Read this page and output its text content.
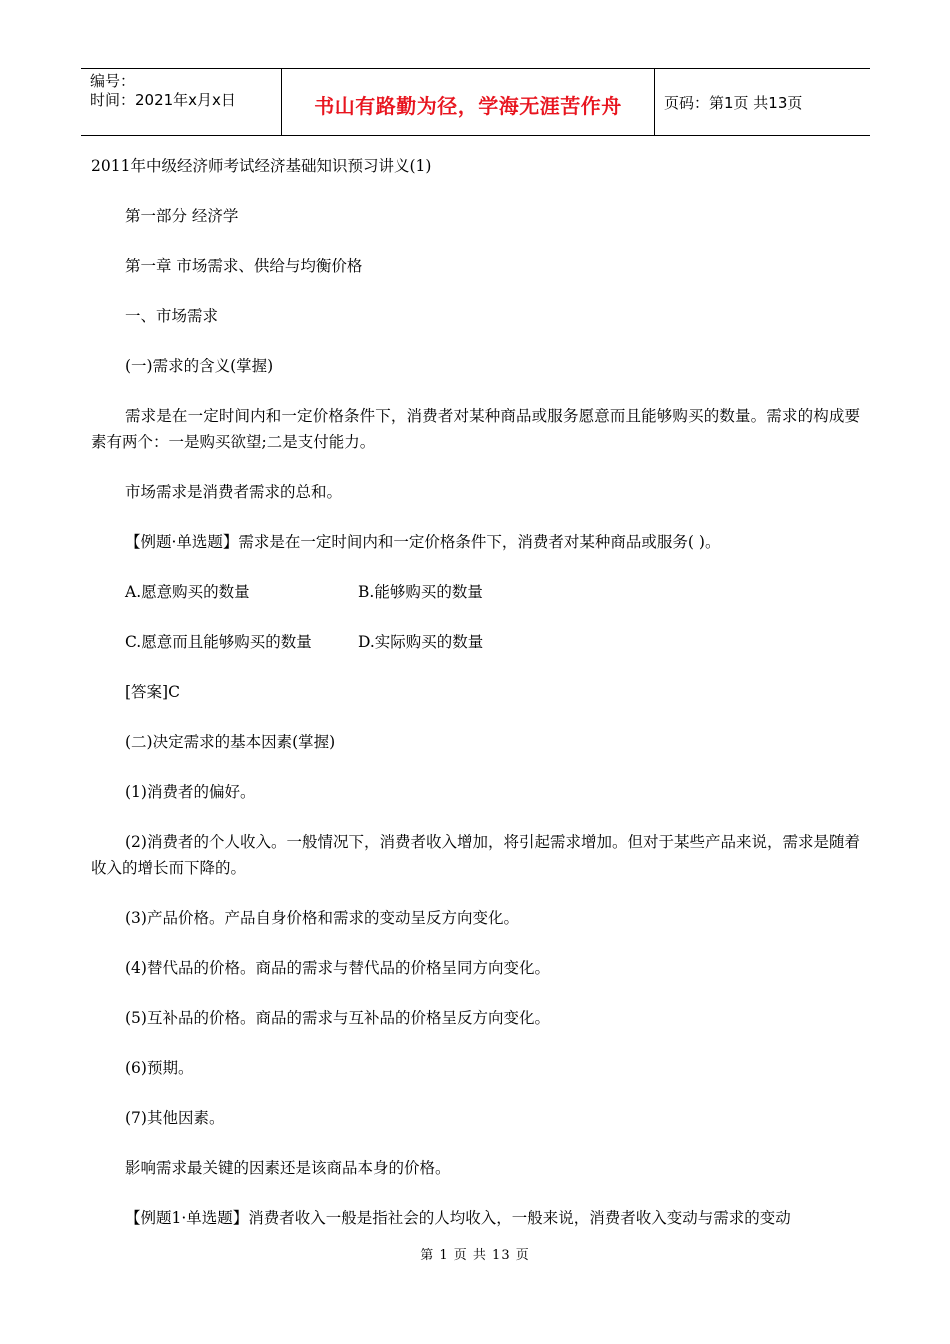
编号：
时间：2021年x月x日	书山有路勤为径，学海无涯苦作舟	页码：第1页 共13页

2011年中级经济师考试经济基础知识预习讲义(1)

第一部分 经济学

第一章 市场需求、供给与均衡价格

一、市场需求

(一)需求的含义(掌握)

需求是在一定时间内和一定价格条件下，消费者对某种商品或服务愿意而且能够购买的数量。需求的构成要素有两个：一是购买欲望;二是支付能力。

市场需求是消费者需求的总和。

【例题·单选题】需求是在一定时间内和一定价格条件下，消费者对某种商品或服务( )。

A.愿意购买的数量	B.能够购买的数量
C.愿意而且能够购买的数量	D.实际购买的数量

[答案]C

(二)决定需求的基本因素(掌握)

(1)消费者的偏好。

(2)消费者的个人收入。一般情况下，消费者收入增加，将引起需求增加。但对于某些产品来说，需求是随着收入的增长而下降的。

(3)产品价格。产品自身价格和需求的变动呈反方向变化。

(4)替代品的价格。商品的需求与替代品的价格呈同方向变化。

(5)互补品的价格。商品的需求与互补品的价格呈反方向变化。

(6)预期。

(7)其他因素。

影响需求最关键的因素还是该商品本身的价格。

【例题1·单选题】消费者收入一般是指社会的人均收入，一般来说，消费者收入变动与需求的变动

第 1 页 共 13 页
